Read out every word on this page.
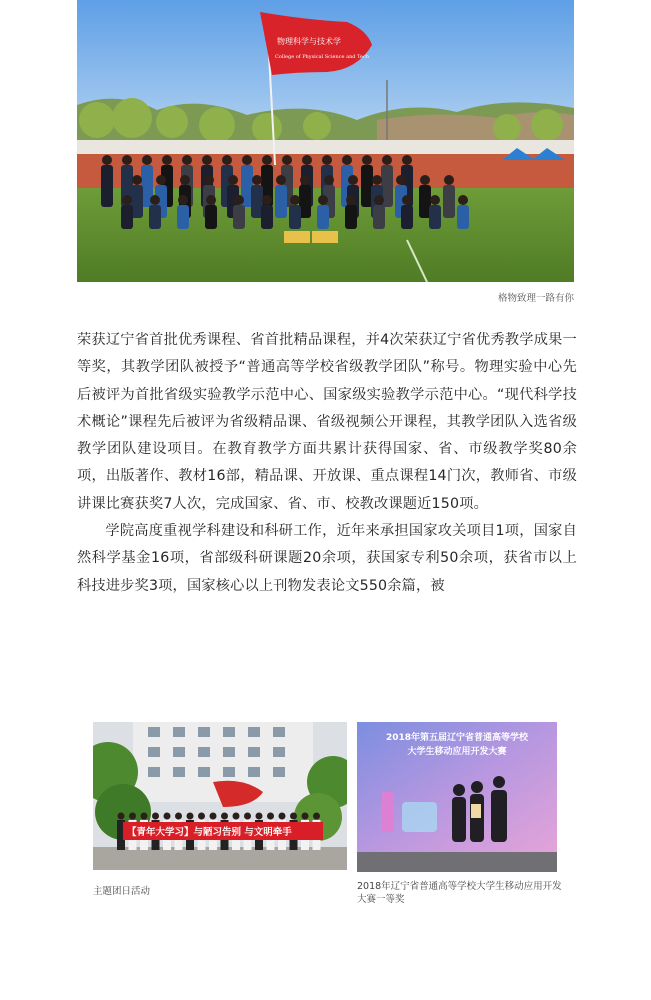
物理科学与技术学
College of Physical Science and Tech
格物致理一路有你

荣获辽宁省首批优秀课程、省首批精品课程，并4次荣获辽宁省优秀教学成果一等奖，其教学团队被授予“普通高等学校省级教学团队”称号。物理实验中心先后被评为首批省级实验教学示范中心、国家级实验教学示范中心。“现代科学技术概论”课程先后被评为省级精品课、省级视频公开课程，其教学团队入选省级教学团队建设项目。在教育教学方面共累计获得国家、省、市级教学奖80余项，出版著作、教材16部，精品课、开放课、重点课程14门次，教师省、市级讲课比赛获奖7人次，完成国家、省、市、校教改课题近150项。

学院高度重视学科建设和科研工作，近年来承担国家攻关项目1项，国家自然科学基金16项，省部级科研课题20余项，获国家专利50余项，获省市以上科技进步奖3项，国家核心以上刊物发表论文550余篇，被

【青年大学习】与陋习告别 与文明牵手
主题团日活动
2018年第五届辽宁省普通高等学校
大学生移动应用开发大赛
2018年辽宁省普通高等学校大学生移动应用开发大赛一等奖
